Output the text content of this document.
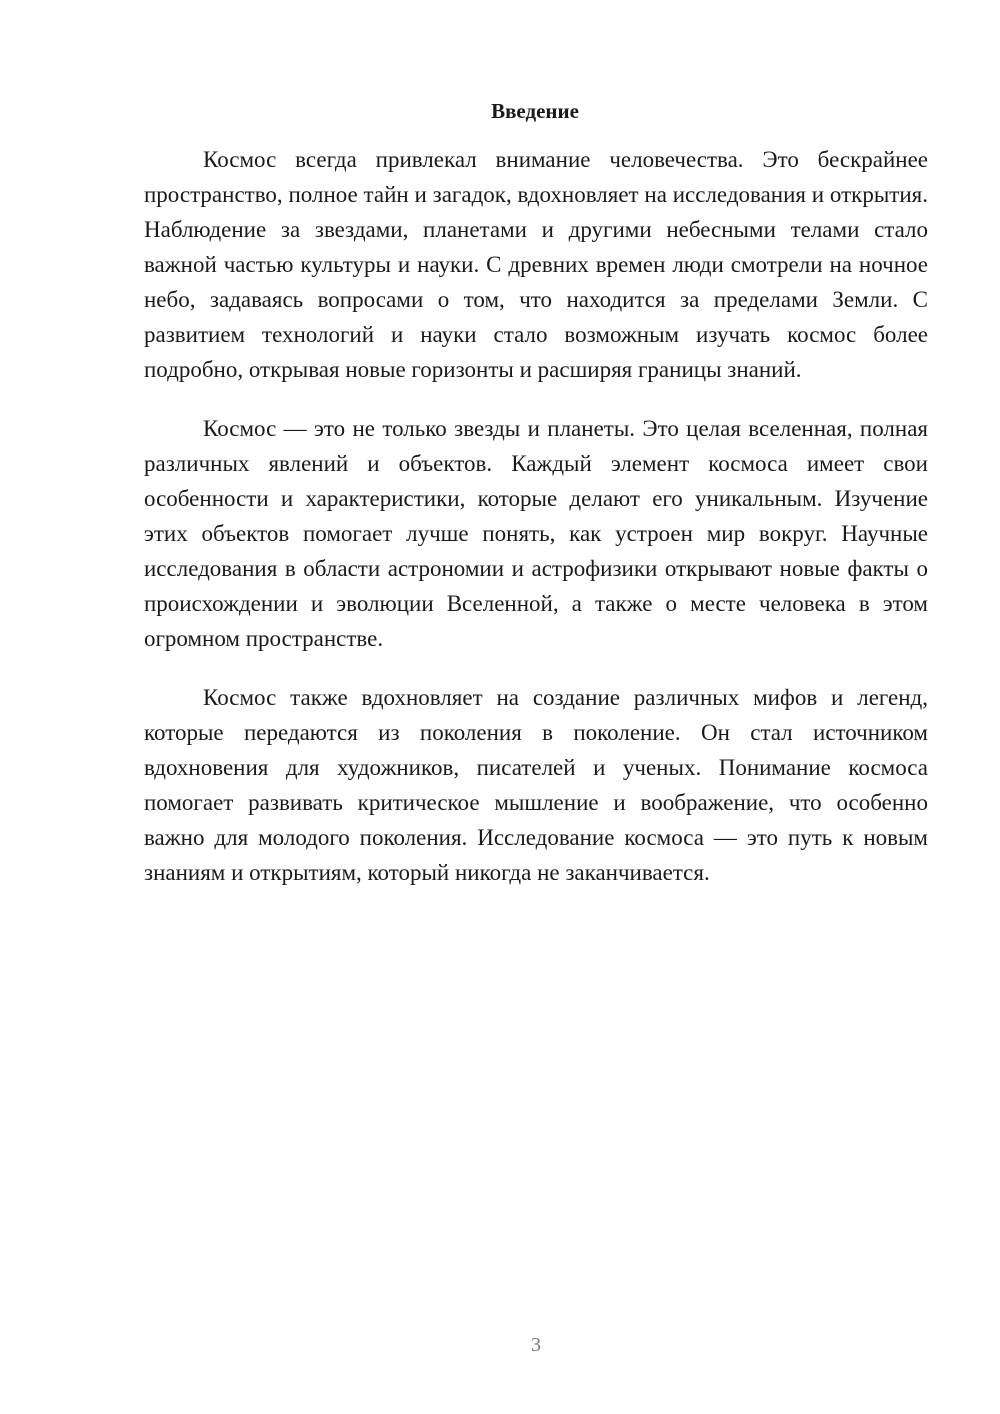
Введение

Космос всегда привлекал внимание человечества. Это бескрайнее пространство, полное тайн и загадок, вдохновляет на исследования и открытия. Наблюдение за звездами, планетами и другими небесными телами стало важной частью культуры и науки. С древних времен люди смотрели на ночное небо, задаваясь вопросами о том, что находится за пределами Земли. С развитием технологий и науки стало возможным изучать космос более подробно, открывая новые горизонты и расширяя границы знаний.

Космос — это не только звезды и планеты. Это целая вселенная, полная различных явлений и объектов. Каждый элемент космоса имеет свои особенности и характеристики, которые делают его уникальным. Изучение этих объектов помогает лучше понять, как устроен мир вокруг. Научные исследования в области астрономии и астрофизики открывают новые факты о происхождении и эволюции Вселенной, а также о месте человека в этом огромном пространстве.

Космос также вдохновляет на создание различных мифов и легенд, которые передаются из поколения в поколение. Он стал источником вдохновения для художников, писателей и ученых. Понимание космоса помогает развивать критическое мышление и воображение, что особенно важно для молодого поколения. Исследование космоса — это путь к новым знаниям и открытиям, который никогда не заканчивается.

3
